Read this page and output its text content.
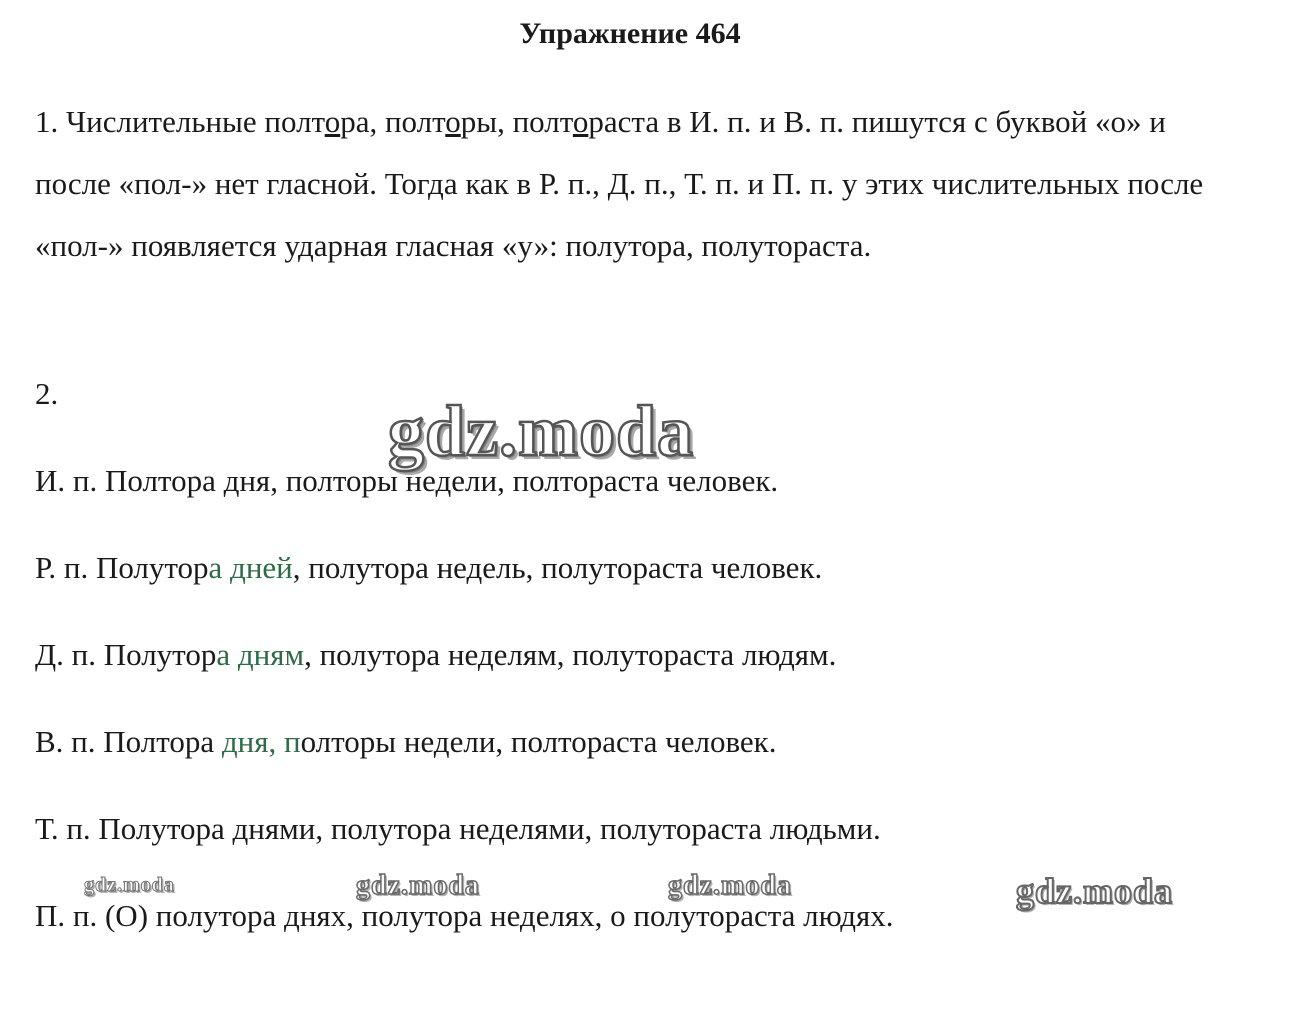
Упражнение 464
1. Числительные полтора, полторы, полтораста в И. п. и В. п. пишутся с буквой «о» и после «пол-» нет гласной. Тогда как в Р. п., Д. п., Т. п. и П. п. у этих числительных после «пол-» появляется ударная гласная «у»: полутора, полутораста.
2.
И. п. Полтора дня, полторы недели, полтораста человек.
Р. п. Полутора дней, полутора недель, полутораста человек.
Д. п. Полутора дням, полутора неделям, полутораста людям.
В. п. Полтора дня, полторы недели, полтораста человек.
Т. п. Полутора днями, полутора неделями, полутораста людьми.
П. п. (О) полутора днях, полутора неделях, о полутораста людях.
gdz.moda
gdz.moda	gdz.moda	gdz.moda	gdz.moda
